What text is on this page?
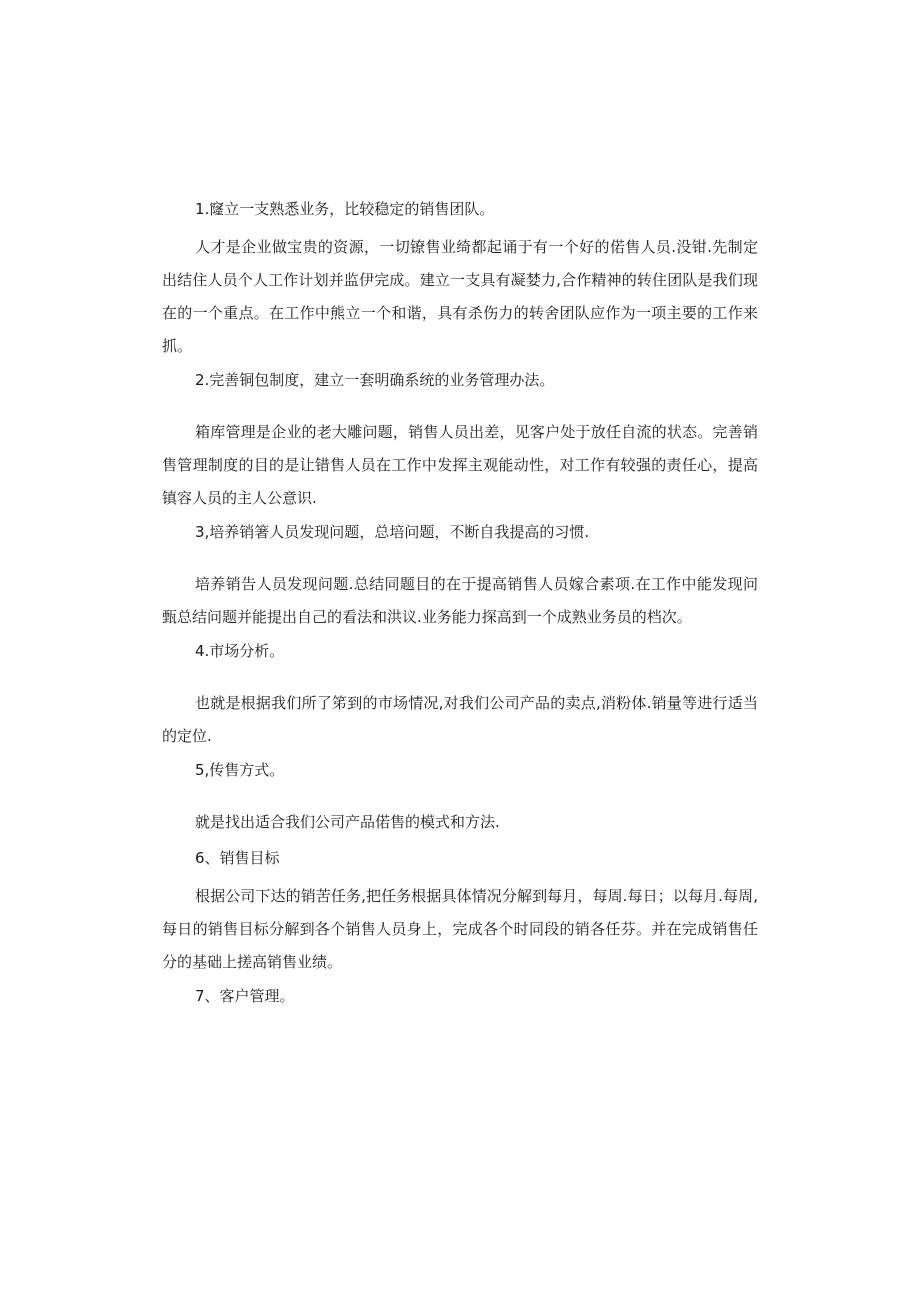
1.窿立一支熟悉业务，比较稳定的销售团队。
人才是企业做宝贵的资源，一切镣售业绮都起诵于有一个好的偌售人员.没钳.先制定出结住人员个人工作计划并监伊完成。建立一支具有凝婪力,合作精神的转住团队是我们现在的一个重点。在工作中熊立一个和谐，具有杀伤力的转舍团队应作为一项主要的工作来抓。
2.完善铜包制度，建立一套明确系统的业务管理办法。
箱库管理是企业的老大雕问题，销售人员出差，见客户处于放任自流的状态。完善销售管理制度的目的是让错售人员在工作中发挥主观能动性，对工作有较强的责任心，提高镇容人员的主人公意识.
3,培养销箸人员发现问题，总培问题，不断自我提高的习惯.
培养销告人员发现问题.总结同题目的在于提高销售人员嫁合素项.在工作中能发现问甄总结问题并能提出自己的看法和洪议.业务能力探高到一个成熟业务员的档次。
4.市场分析。
也就是根据我们所了笫到的市场情况,对我们公司产品的卖点,消粉体.销量等进行适当的定位.
5,传售方式。
就是找出适合我们公司产品偌售的模式和方法.
6、销售目标
根据公司下达的销苦任务,把任务根据具体情况分解到每月，每周.每日；以每月.每周,每日的销售目标分解到各个销售人员身上，完成各个时同段的销各任芬。并在完成销售任分的基础上搓高销售业绩。
7、客户管理。
